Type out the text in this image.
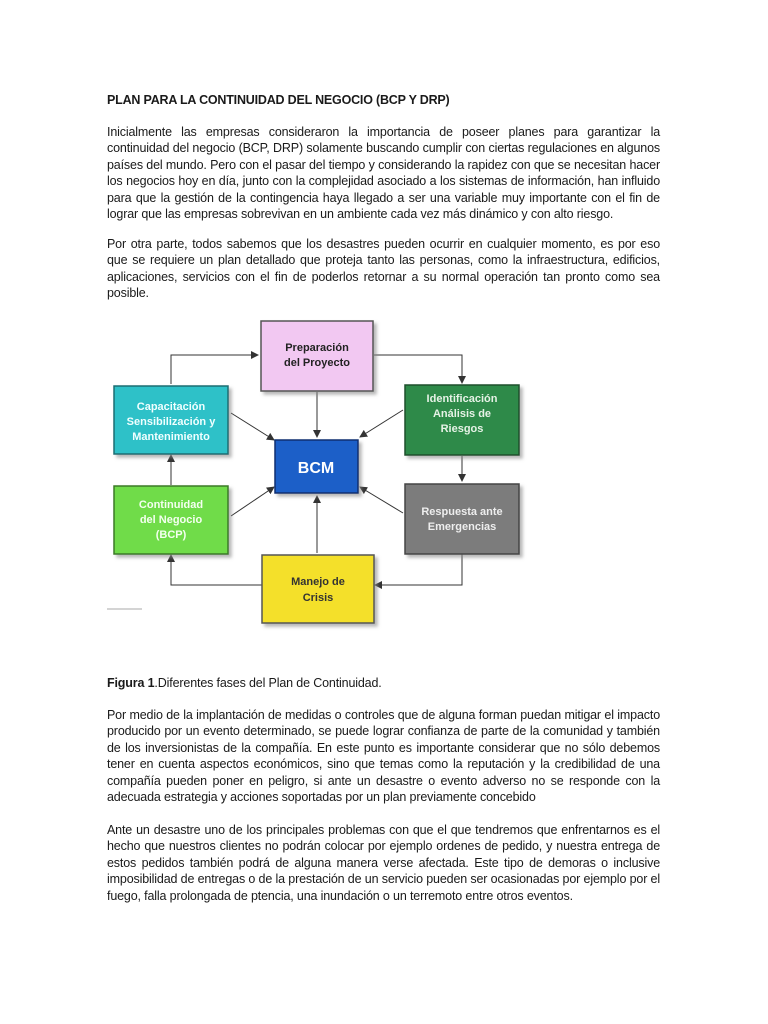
PLAN PARA LA CONTINUIDAD DEL NEGOCIO (BCP Y DRP)
Inicialmente las empresas consideraron la importancia de poseer planes para garantizar la continuidad del negocio (BCP, DRP) solamente buscando cumplir con ciertas regulaciones en algunos países del mundo. Pero con el pasar del tiempo y considerando la rapidez con que se necesitan hacer los negocios hoy en día, junto con la complejidad asociado a los sistemas de información, han influido para que la gestión de la contingencia haya llegado a ser una variable muy importante con el fin de lograr que las empresas sobrevivan en un ambiente cada vez más dinámico y con alto riesgo.
Por otra parte, todos sabemos que los desastres pueden ocurrir en cualquier momento, es por eso que se requiere un plan detallado que proteja tanto las personas, como la infraestructura, edificios, aplicaciones, servicios con el fin de poderlos retornar a su normal operación tan pronto como sea posible.
BCM
Preparación
del Proyecto
Identificación
Análisis de
Riesgos
Respuesta ante
Emergencias
Manejo de
Crisis
Continuidad
del Negocio
(BCP)
Capacitación
Sensibilización y
Mantenimiento
Figura 1.Diferentes fases del Plan de Continuidad.
Por medio de la implantación de medidas o controles que de alguna forman puedan mitigar el impacto producido por un evento determinado, se puede lograr confianza de parte de la comunidad y también de los inversionistas de la compañía. En este punto es importante considerar que no sólo debemos tener en cuenta aspectos económicos, sino que temas como la reputación y la credibilidad de una compañía pueden poner en peligro, si ante un desastre o evento adverso no se responde con la adecuada estrategia y acciones soportadas por un plan previamente concebido
Ante un desastre uno de los principales problemas con que el que tendremos que enfrentarnos es el hecho que nuestros clientes no podrán colocar por ejemplo ordenes de pedido, y nuestra entrega de estos pedidos también podrá de alguna manera verse afectada. Este tipo de demoras o inclusive imposibilidad de entregas o de la prestación de un servicio pueden ser ocasionadas por ejemplo por el fuego, falla prolongada de ptencia, una inundación o un terremoto entre otros eventos.
